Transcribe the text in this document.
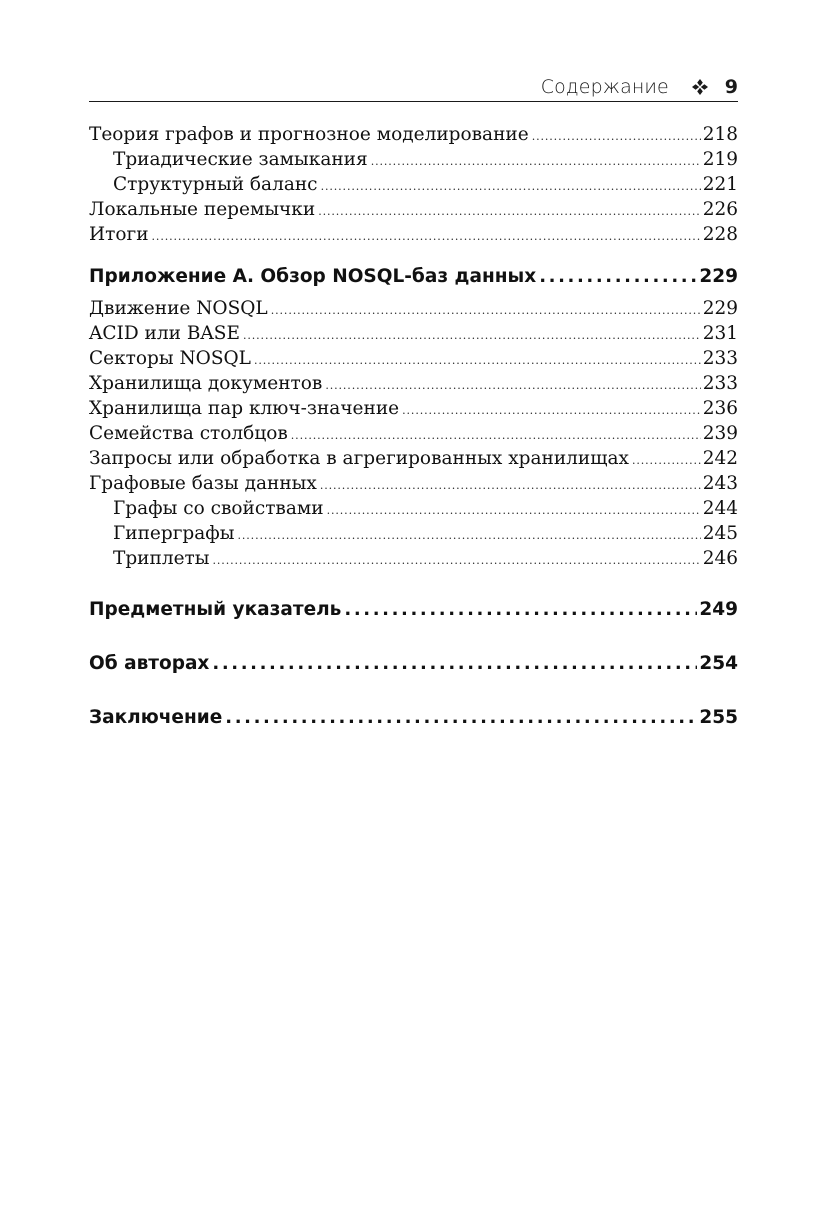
Содержание	9
Теория графов и прогнозное моделирование .....	218
Триадические замыкания .....	219
Структурный баланс .....	221
Локальные перемычки .....	226
Итоги .....	228
Приложение А. Обзор NOSQL-баз данных .....	229
Движение NOSQL .....	229
ACID или BASE .....	231
Секторы NOSQL .....	233
Хранилища документов .....	233
Хранилища пар ключ-значение .....	236
Семейства столбцов .....	239
Запросы или обработка в агрегированных хранилищах .....	242
Графовые базы данных .....	243
Графы со свойствами .....	244
Гиперграфы .....	245
Триплеты .....	246
Предметный указатель .....	249
Об авторах .....	254
Заключение .....	255
